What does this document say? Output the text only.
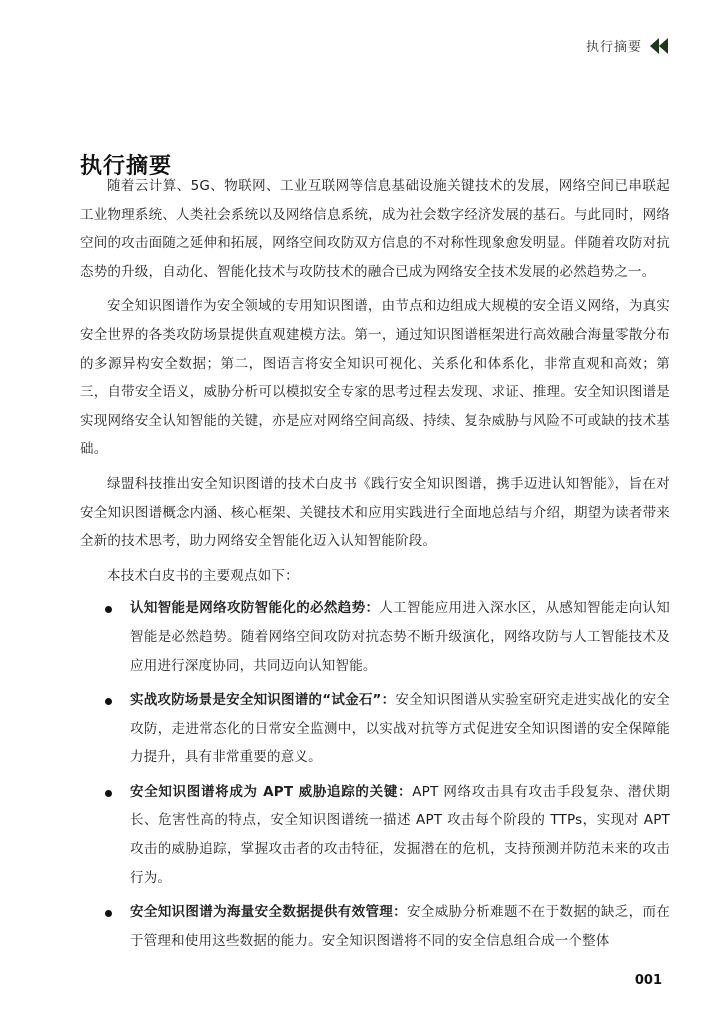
执行摘要
执行摘要

随着云计算、5G、物联网、工业互联网等信息基础设施关键技术的发展，网络空间已串联起工业物理系统、人类社会系统以及网络信息系统，成为社会数字经济发展的基石。与此同时，网络空间的攻击面随之延伸和拓展，网络空间攻防双方信息的不对称性现象愈发明显。伴随着攻防对抗态势的升级，自动化、智能化技术与攻防技术的融合已成为网络安全技术发展的必然趋势之一。

安全知识图谱作为安全领域的专用知识图谱，由节点和边组成大规模的安全语义网络，为真实安全世界的各类攻防场景提供直观建模方法。第一，通过知识图谱框架进行高效融合海量零散分布的多源异构安全数据；第二，图语言将安全知识可视化、关系化和体系化，非常直观和高效；第三，自带安全语义，威胁分析可以模拟安全专家的思考过程去发现、求证、推理。安全知识图谱是实现网络安全认知智能的关键，亦是应对网络空间高级、持续、复杂威胁与风险不可或缺的技术基础。

绿盟科技推出安全知识图谱的技术白皮书《践行安全知识图谱，携手迈进认知智能》，旨在对安全知识图谱概念内涵、核心框架、关键技术和应用实践进行全面地总结与介绍，期望为读者带来全新的技术思考，助力网络安全智能化迈入认知智能阶段。

本技术白皮书的主要观点如下：

认知智能是网络攻防智能化的必然趋势：人工智能应用进入深水区，从感知智能走向认知智能是必然趋势。随着网络空间攻防对抗态势不断升级演化，网络攻防与人工智能技术及应用进行深度协同，共同迈向认知智能。
实战攻防场景是安全知识图谱的“试金石”：安全知识图谱从实验室研究走进实战化的安全攻防，走进常态化的日常安全监测中，以实战对抗等方式促进安全知识图谱的安全保障能力提升，具有非常重要的意义。
安全知识图谱将成为 APT 威胁追踪的关键：APT 网络攻击具有攻击手段复杂、潜伏期长、危害性高的特点，安全知识图谱统一描述 APT 攻击每个阶段的 TTPs，实现对 APT 攻击的威胁追踪，掌握攻击者的攻击特征，发掘潜在的危机，支持预测并防范未来的攻击行为。
安全知识图谱为海量安全数据提供有效管理：安全威胁分析难题不在于数据的缺乏，而在于管理和使用这些数据的能力。安全知识图谱将不同的安全信息组合成一个整体
001
